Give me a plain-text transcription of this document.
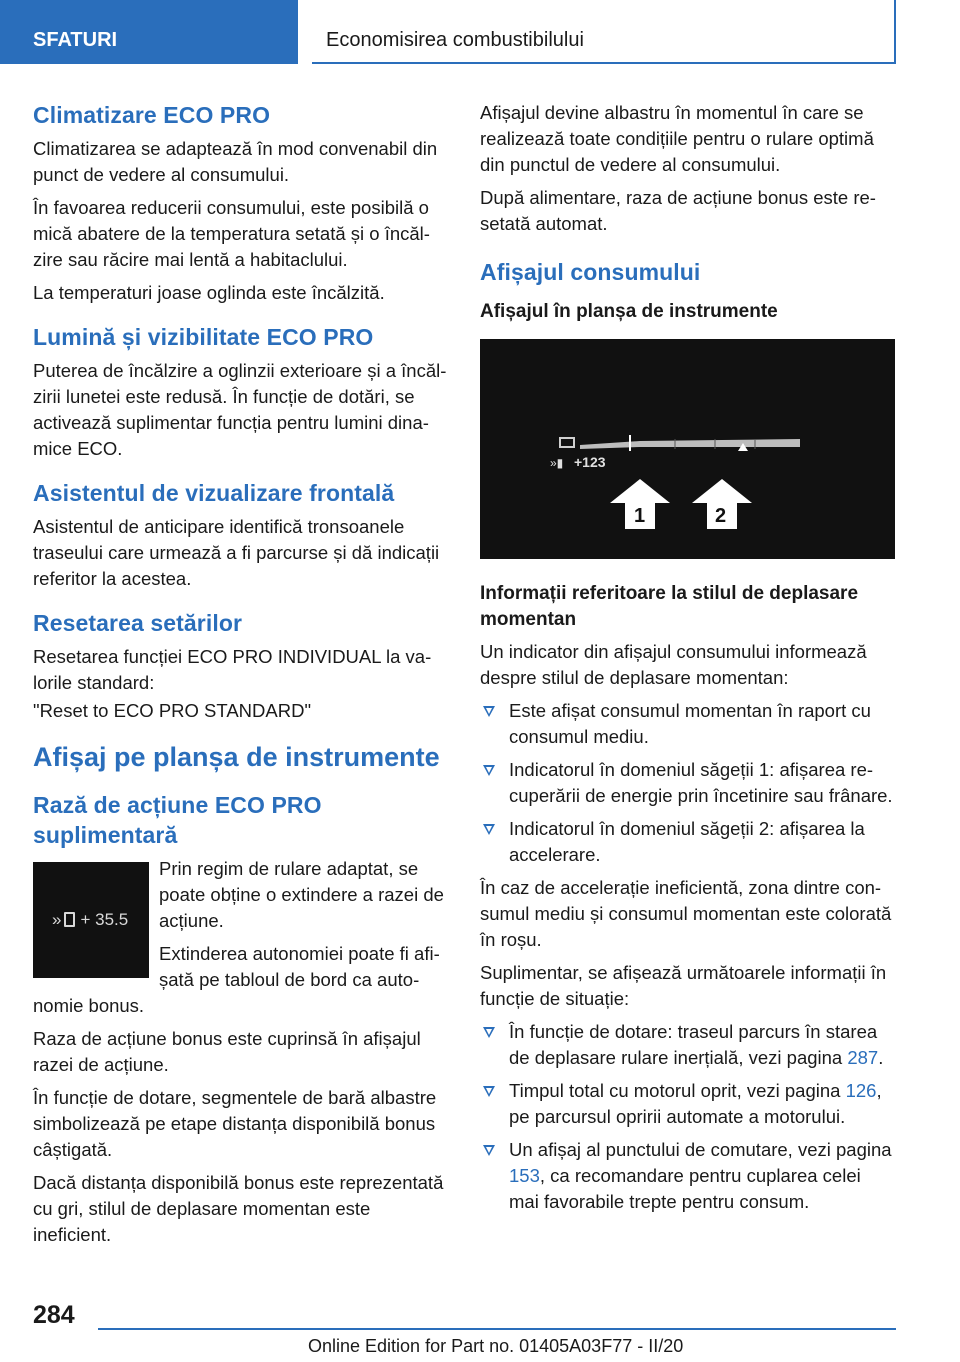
SFATURI	Economisirea combustibilului
Climatizare ECO PRO

Climatizarea se adaptează în mod convenabil din punct de vedere al consumului.

În favoarea reducerii consumului, este posibilă o mică abatere de la temperatura setată și o încălzire sau răcire mai lentă a habitaclului.

La temperaturi joase oglinda este încălzită.

Lumină și vizibilitate ECO PRO

Puterea de încălzire a oglinzii exterioare și a încălzirii lunetei este redusă. În funcție de dotări, se activează suplimentar funcția pentru lumini dinamice ECO.

Asistentul de vizualizare frontală

Asistentul de anticipare identifică tronsoanele traseului care urmează a fi parcurse și dă indicații referitor la acestea.

Resetarea setărilor

Resetarea funcției ECO PRO INDIVIDUAL la valorile standard:

"Reset to ECO PRO STANDARD"

Afișaj pe planșa de instrumente
Rază de acțiune ECO PRO suplimentară
» + 35.5

Prin regim de rulare adaptat, se poate obține o extindere a razei de acțiune.

Extinderea autonomiei poate fi afișată pe tabloul de bord ca autonomie bonus.

Raza de acțiune bonus este cuprinsă în afișajul razei de acțiune.

În funcție de dotare, segmentele de bară albastre simbolizează pe etape distanța disponibilă bonus câștigată.

Dacă distanța disponibilă bonus este reprezentată cu gri, stilul de deplasare momentan este ineficient.

Afișajul devine albastru în momentul în care se realizează toate condițiile pentru o rulare optimă din punctul de vedere al consumului.

După alimentare, raza de acțiune bonus este resetată automat.

Afișajul consumului
Afișajul în planșa de instrumente
+123
»▮
1	2
Informații referitoare la stilul de deplasare momentan

Un indicator din afișajul consumului informează despre stilul de deplasare momentan:

Este afișat consumul momentan în raport cu consumul mediu.
Indicatorul în domeniul săgeții 1: afișarea recuperării de energie prin încetinire sau frânare.
Indicatorul în domeniul săgeții 2: afișarea la accelerare.

În caz de accelerație ineficientă, zona dintre consumul mediu și consumul momentan este colorată în roșu.

Suplimentar, se afișează următoarele informații în funcție de situație:

În funcție de dotare: traseul parcurs în starea de deplasare rulare inerțială, vezi pagina 287.
Timpul total cu motorul oprit, vezi pagina 126, pe parcursul opririi automate a motorului.
Un afișaj al punctului de comutare, vezi pagina 153, ca recomandare pentru cuplarea celei mai favorabile trepte pentru consum.
284
Online Edition for Part no. 01405A03F77 - II/20
